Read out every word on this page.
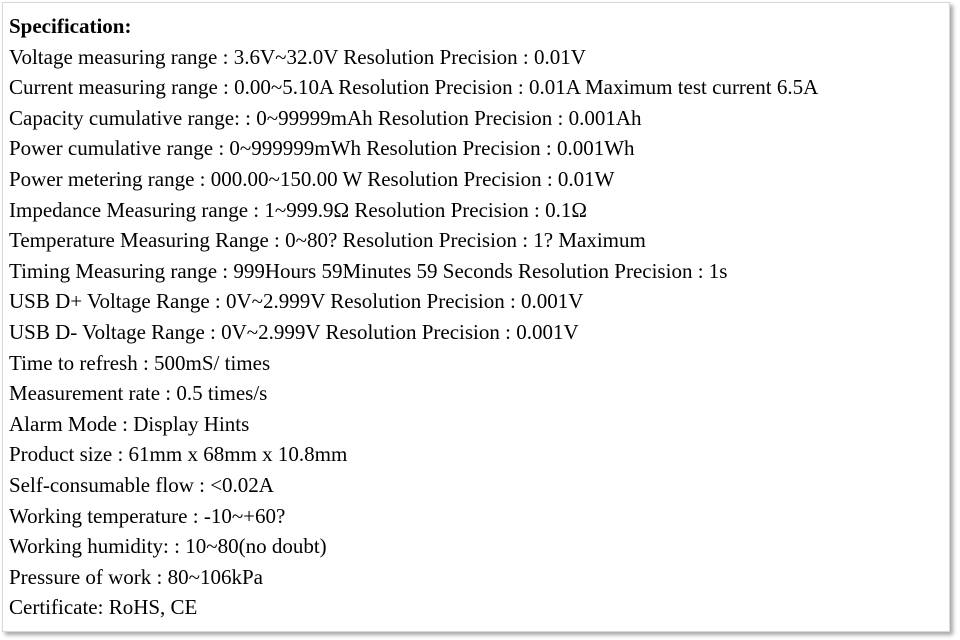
Specification:
Voltage measuring range : 3.6V~32.0V Resolution Precision : 0.01V
Current measuring range : 0.00~5.10A Resolution Precision : 0.01A Maximum test current 6.5A
Capacity cumulative range: : 0~99999mAh Resolution Precision : 0.001Ah
Power cumulative range : 0~999999mWh Resolution Precision : 0.001Wh
Power metering range : 000.00~150.00 W Resolution Precision : 0.01W
Impedance Measuring range : 1~999.9Ω Resolution Precision : 0.1Ω
Temperature Measuring Range : 0~80? Resolution Precision : 1? Maximum
Timing Measuring range : 999Hours 59Minutes 59 Seconds Resolution Precision : 1s
USB D+ Voltage Range : 0V~2.999V Resolution Precision : 0.001V
USB D- Voltage Range : 0V~2.999V Resolution Precision : 0.001V
Time to refresh : 500mS/ times
Measurement rate : 0.5 times/s
Alarm Mode : Display Hints
Product size : 61mm x 68mm x 10.8mm
Self-consumable flow : <0.02A
Working temperature : -10~+60?
Working humidity: : 10~80(no doubt)
Pressure of work : 80~106kPa
Certificate: RoHS, CE
